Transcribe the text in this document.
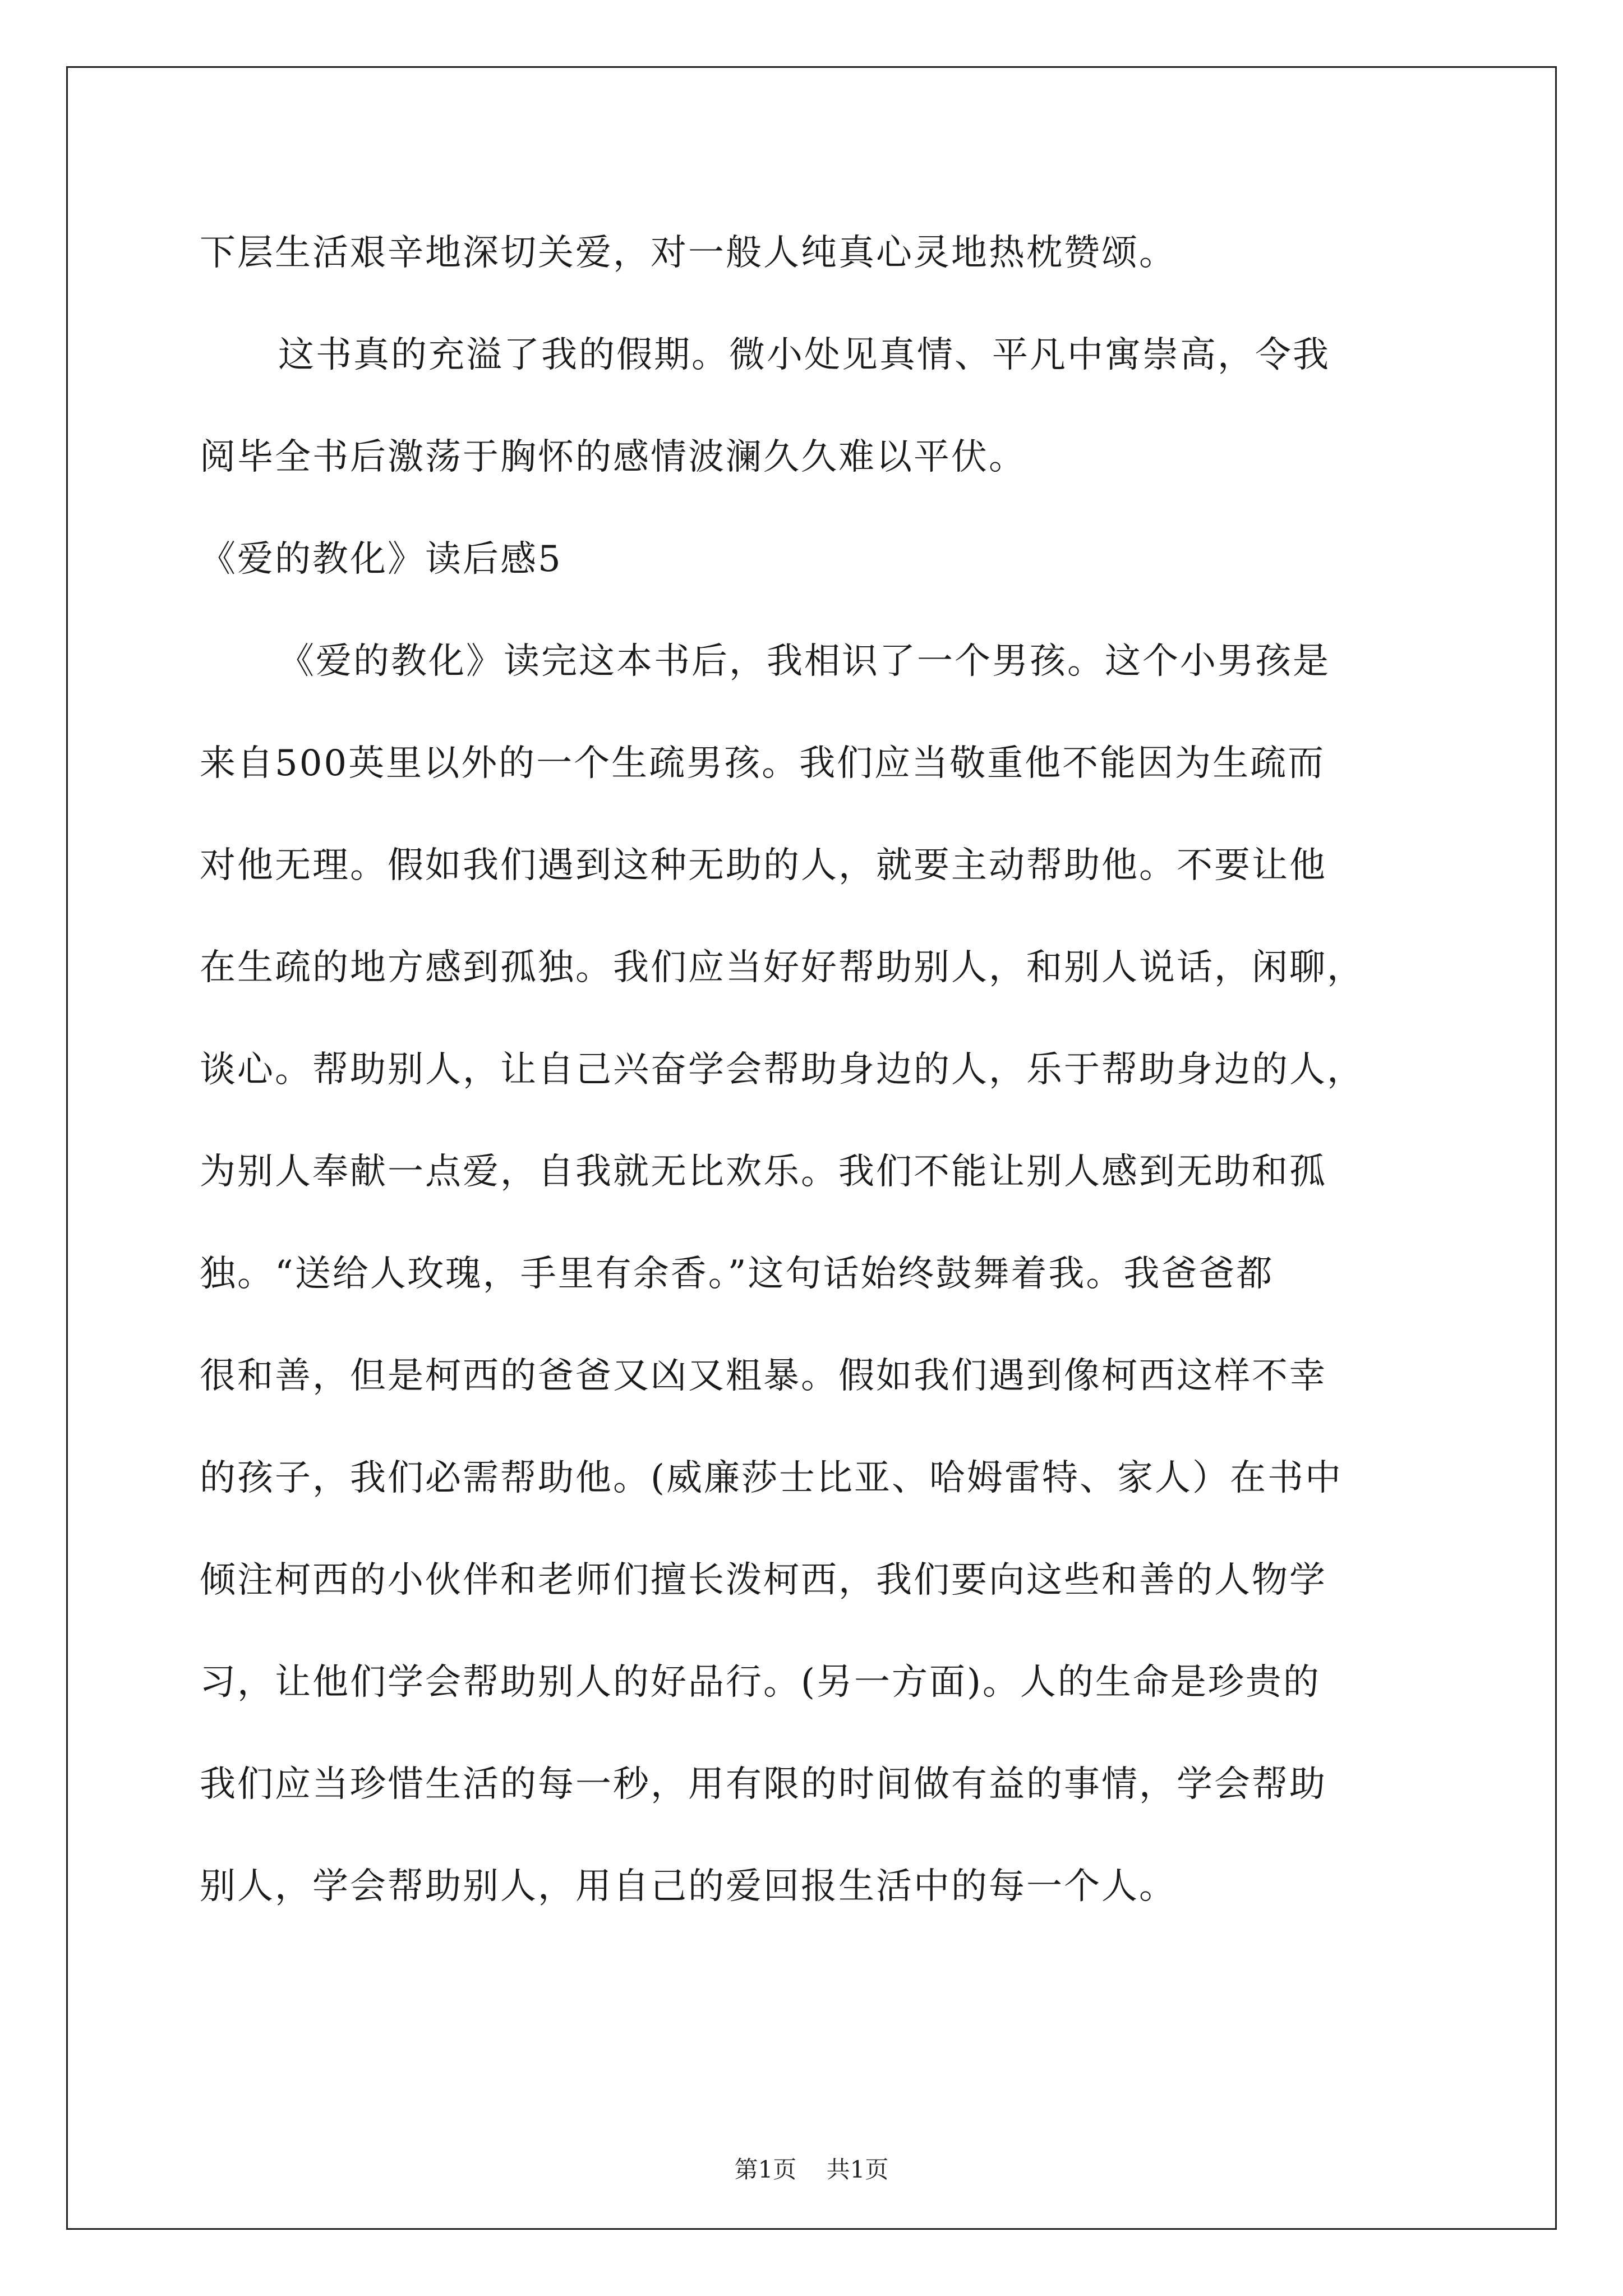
下层生活艰辛地深切关爱，对一般人纯真心灵地热枕赞颂。
这书真的充溢了我的假期。微小处见真情、平凡中寓崇高，令我
阅毕全书后激荡于胸怀的感情波澜久久难以平伏。
《爱的教化》读后感5
《爱的教化》读完这本书后，我相识了一个男孩。这个小男孩是
来自500英里以外的一个生疏男孩。我们应当敬重他不能因为生疏而
对他无理。假如我们遇到这种无助的人，就要主动帮助他。不要让他
在生疏的地方感到孤独。我们应当好好帮助别人，和别人说话，闲聊，
谈心。帮助别人，让自己兴奋学会帮助身边的人，乐于帮助身边的人，
为别人奉献一点爱，自我就无比欢乐。我们不能让别人感到无助和孤
独。“送给人玫瑰，手里有余香。”这句话始终鼓舞着我。我爸爸都
很和善，但是柯西的爸爸又凶又粗暴。假如我们遇到像柯西这样不幸
的孩子，我们必需帮助他。(威廉莎士比亚、哈姆雷特、家人）在书中
倾注柯西的小伙伴和老师们擅长泼柯西，我们要向这些和善的人物学
习，让他们学会帮助别人的好品行。(另一方面)。人的生命是珍贵的
我们应当珍惜生活的每一秒，用有限的时间做有益的事情，学会帮助
别人，学会帮助别人，用自己的爱回报生活中的每一个人。
第1页    共1页
